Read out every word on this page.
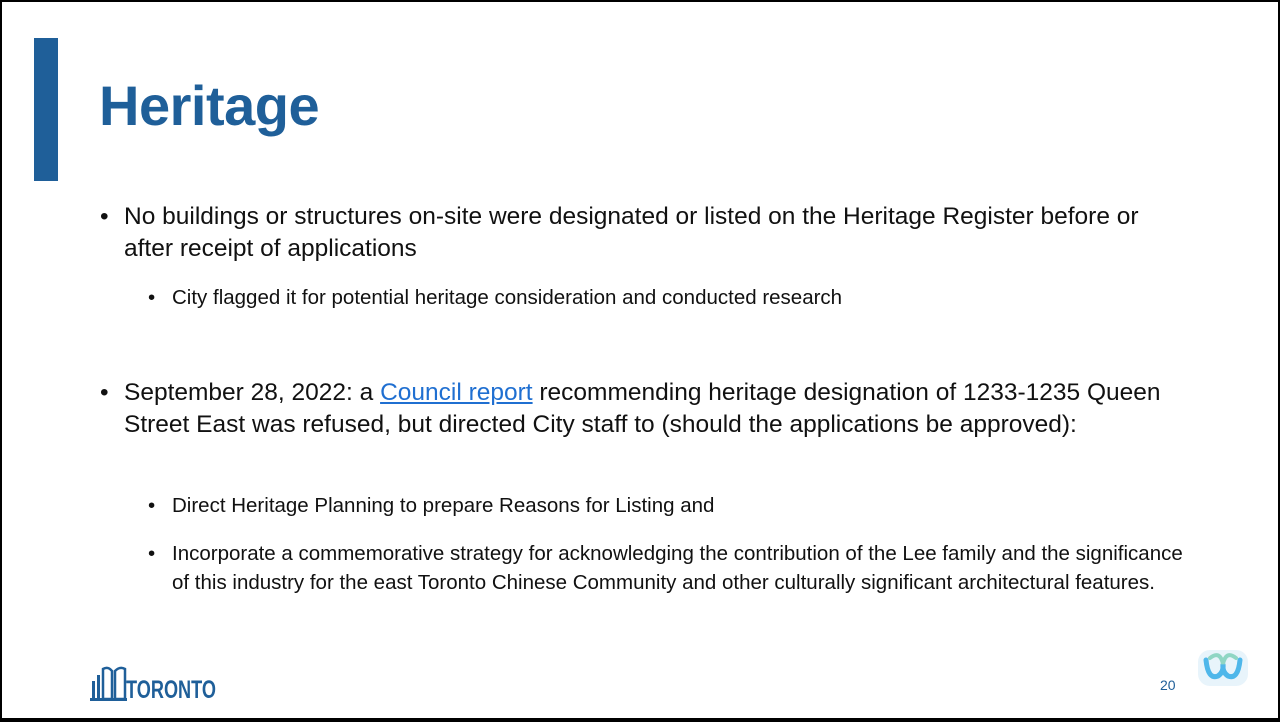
Heritage
• No buildings or structures on-site were designated or listed on the Heritage Register before or after receipt of applications
• City flagged it for potential heritage consideration and conducted research
• September 28, 2022: a Council report recommending heritage designation of 1233-1235 Queen Street East was refused, but directed City staff to (should the applications be approved):
• Direct Heritage Planning to prepare Reasons for Listing and
• Incorporate a commemorative strategy for acknowledging the contribution of the Lee family and the significance of this industry for the east Toronto Chinese Community and other culturally significant architectural features.
TORONTO	20
